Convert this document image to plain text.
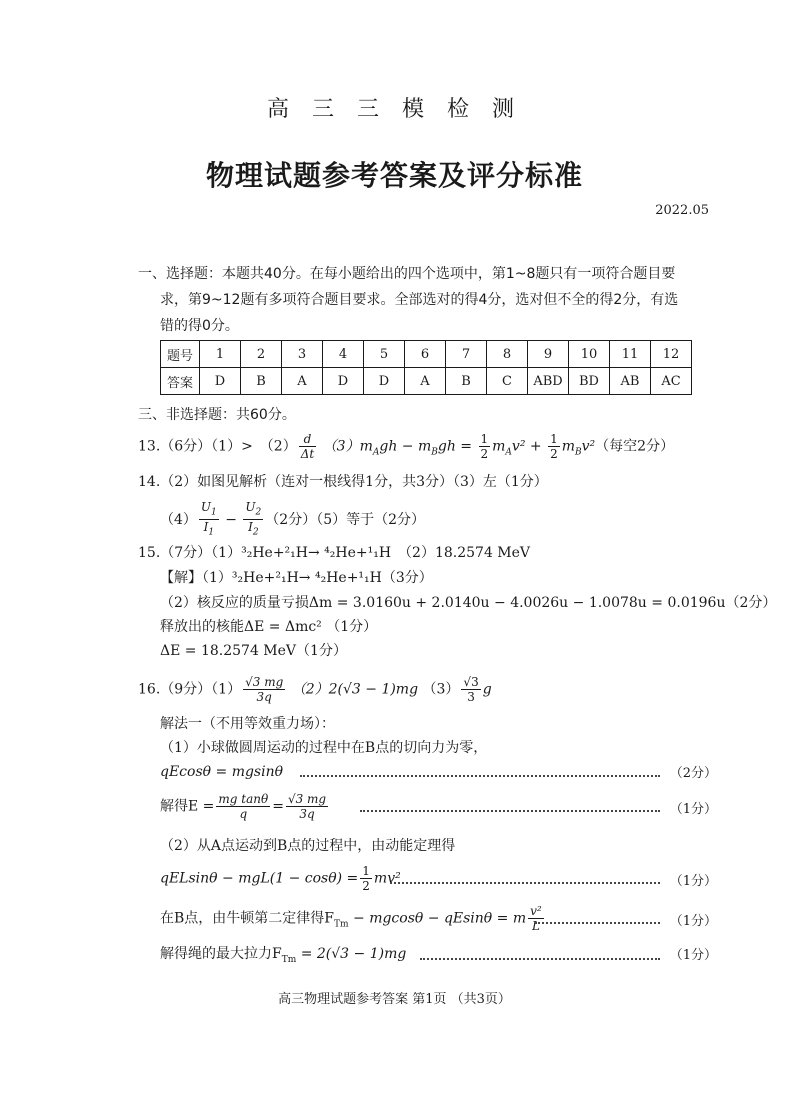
高 三 三 模 检 测
物理试题参考答案及评分标准
2022.05
一、选择题：本题共40分。在每小题给出的四个选项中，第1~8题只有一项符合题目要
求，第9~12题有多项符合题目要求。全部选对的得4分，选对但不全的得2分，有选
错的得0分。
题号	1	2	3	4	5	6	7	8	9	10	11	12
答案	D	B	A	D	D	A	B	C	ABD	BD	AB	AC
三、非选择题：共60分。
13.（6分）（1）>　$(2) \frac{d}{\Delta t} (3)m_Agh - m_Bgh = \frac{1}{2} m_Av^2 + \frac{1}{2} m_Bv^2$（每空2分）
14.（2）如图见解析（连对一根线得1分，共3分）（3）左（1分）
$(4) \frac{U_1}{I_1} - \frac{U_2}{I_2} (2$分）（5）等于（2分）
15.（7分）（1）³₂He+²₁H→ ⁴₂He+¹₁H　 （2）18.2574 MeV
【解】（1）³₂He+²₁H→ ⁴₂He+¹₁H（3分）
（2）核反应的质量亏损Δm = 3.0160u + 2.0140u − 4.0026u − 1.0078u = 0.0196u（2分）
释放出的核能ΔE = Δmc² （1分）
ΔE = 18.2574 MeV（1分）
16.（9分）$(1) \frac{√3 mg}{3q} (2)2(√3 - 1)mg$ $(3) \frac{√3}{3}$ g
解法一（不用等效重力场）：
（1）小球做圆周运动的过程中在B点的切向力为零，
qEcosθ = mgsinθ	（2分）
解得$E = \frac{\text{mg tanθ}}{q} = \frac{√3 mg}{3q}$	（1分）
（2）从A点运动到B点的过程中，由动能定理得
$qELsin\theta - mgL(1 - \cos\theta) = \frac{1}{2} mv^2$	（1分）
在B点，由牛顿第二定律得$F_{Tm} - mgcos\theta - qEsin\theta = m \frac{\text{v²}}{L}$	（1分）
解得绳的最大拉力$F_{Tm} = 2(√3 - 1)mg$	（1分）
高三物理试题参考答案 第1页 （共3页）
